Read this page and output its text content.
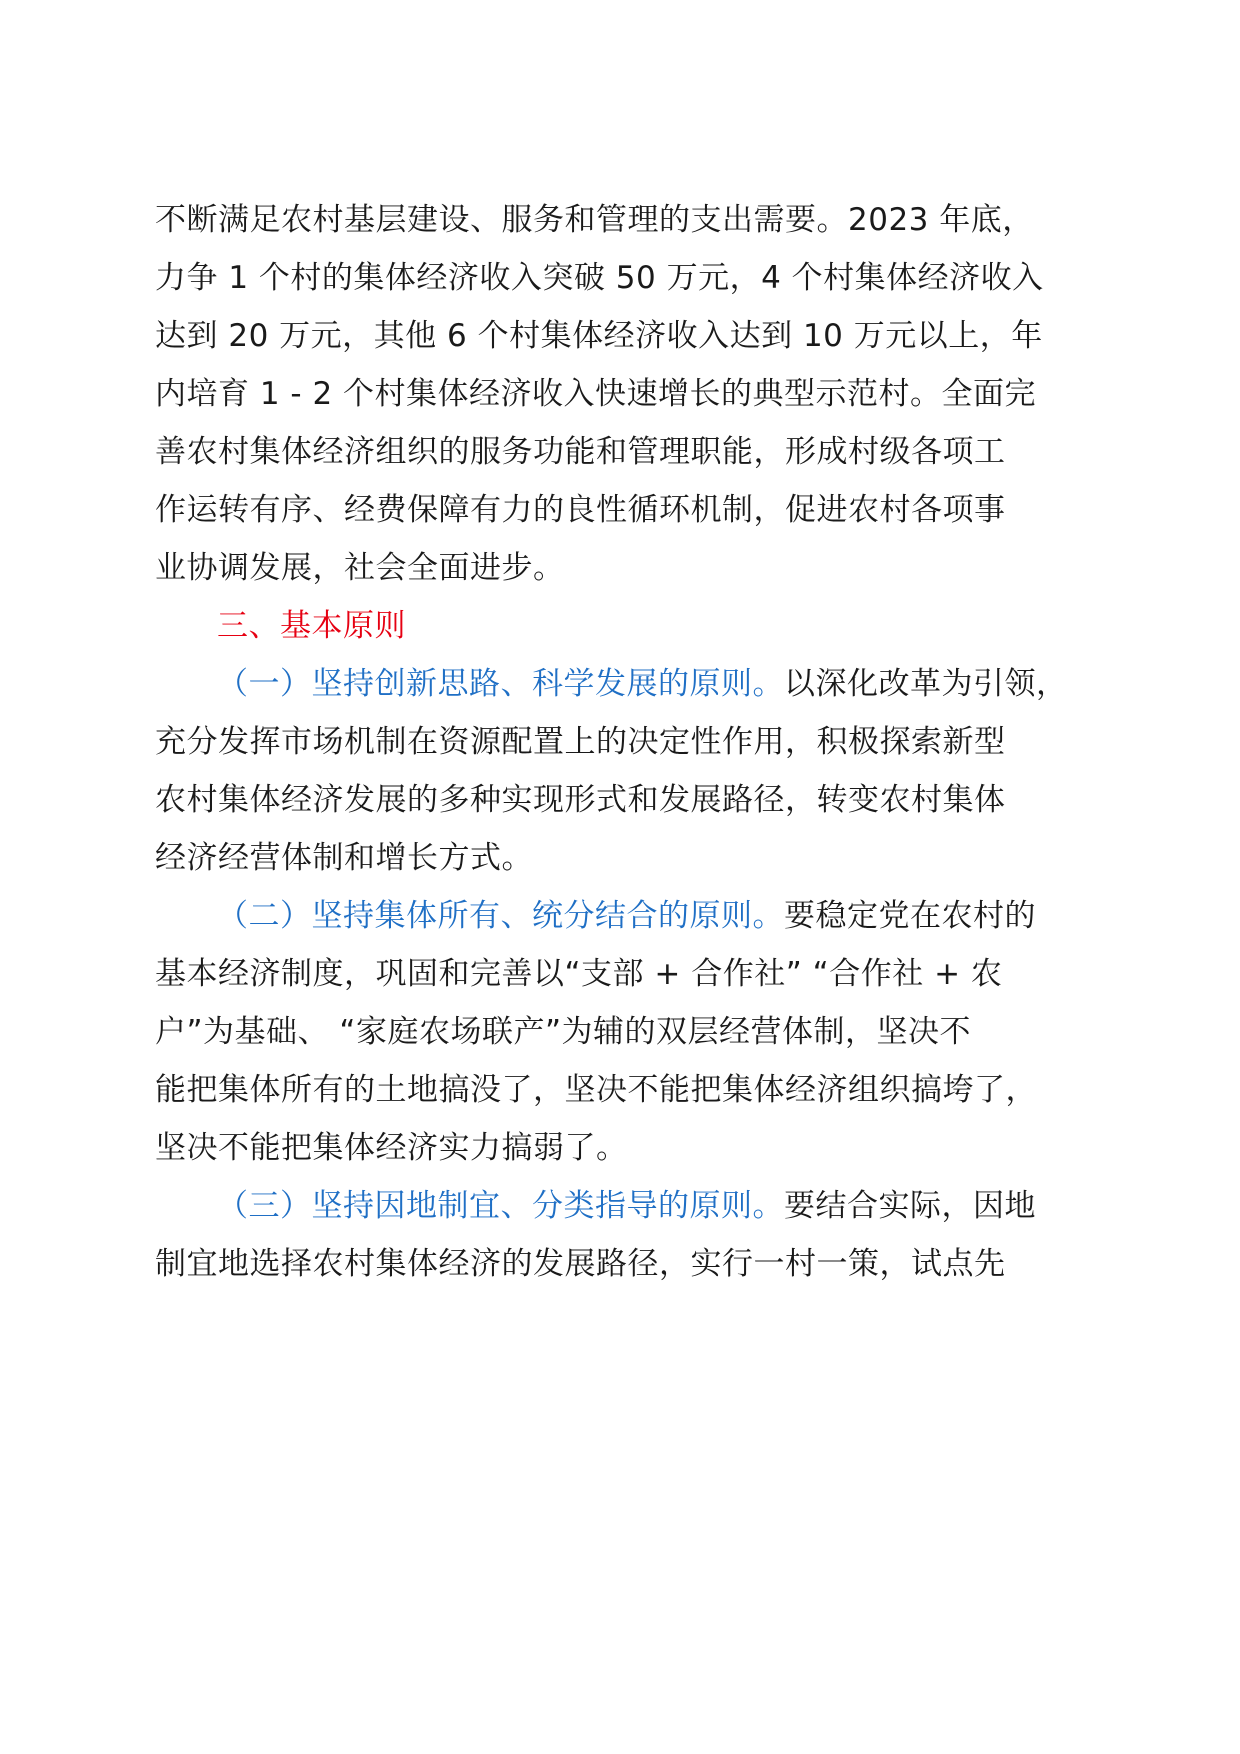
不断满足农村基层建设、服务和管理的支出需要。2023 年底，
力争 1 个村的集体经济收入突破 50 万元，4 个村集体经济收入
达到 20 万元，其他 6 个村集体经济收入达到 10 万元以上，年
内培育 1 - 2 个村集体经济收入快速增长的典型示范村。全面完
善农村集体经济组织的服务功能和管理职能，形成村级各项工
作运转有序、经费保障有力的良性循环机制，促进农村各项事
业协调发展，社会全面进步。
三、基本原则
（一）坚持创新思路、科学发展的原则。以深化改革为引领，
充分发挥市场机制在资源配置上的决定性作用，积极探索新型
农村集体经济发展的多种实现形式和发展路径，转变农村集体
经济经营体制和增长方式。
（二）坚持集体所有、统分结合的原则。要稳定党在农村的
基本经济制度，巩固和完善以“支部 + 合作社” “合作社 + 农
户”为基础、 “家庭农场联产”为辅的双层经营体制，坚决不
能把集体所有的土地搞没了，坚决不能把集体经济组织搞垮了，
坚决不能把集体经济实力搞弱了。
（三）坚持因地制宜、分类指导的原则。要结合实际，因地
制宜地选择农村集体经济的发展路径，实行一村一策，试点先
